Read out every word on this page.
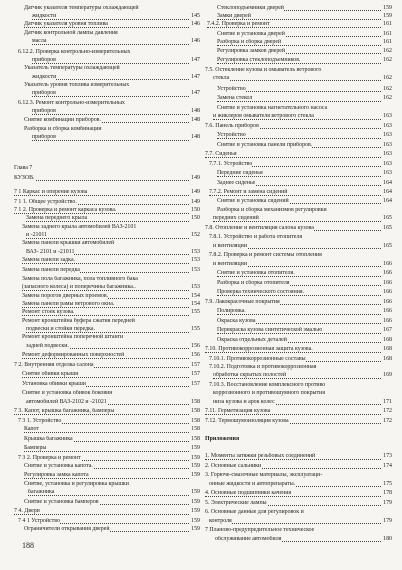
Датчик указателя температуры охлаждающей
жидкости	145
Датчик указателя уровня топлива	146
Датчик контрольной лампы давления
масла	146
6.12.2. Проверка контрольно-измерительных
приборов	147
Указатель температуры охлаждающей
жидкости	147
Указатель уровня топлива измерительных
приборов	147
6.12.3. Ремонт контрольно-измерительных
приборов	148
Снятие комбинации приборов.	148
Разборка и сборка комбинации
приборов	148
Глава 7
КУЗОВ.	149
7 1 Каркас и оперение кузова	149
7 1 1. Общее устройство.	149
7 1 2. Проверка и ремонт каркаса кузова.	150
Замена переднего крыла	150
Замена заднего крыла автомобилей ВАЗ-2101
и -21011	152
Замена панели крышки автомобилей
ВАЗ- 2101 и -21011	153
Замена панели задка.	153
Замена панели передка	153
Замена пола багажника, пола топливного бака
(запасного колеса) и поперечины багажника..	153
Замена порогов дверных проемов.	154
Замена панели рамы ветрового окна.	154
Ремонт стоек кузова.	155
Ремонт кронштейна буфера сжатия передней
подвески и стойки передка.	155
Ремонт кронштейна поперечной штанги
задней подвески.	156
Ремонт деформированных поверхностей	156
7 2. Внутренняя отделка салона	157
Снятие обивки крыши	157
Установка обивки крыши	157
Снятие и установка обивок боковин
автомобилей ВАЗ-2102 и -21021	158
7 3. Капот, крышка багажника, бамперы	158
7 3 1. Устройство	158
Капот	158
Крышка багажника	158
Бамперы	159
7 3 2. Проверка и ремонт	159
Снятие и установка капота.	159
Регулировка замка капота	159
Снятие, установка и регулировка крышки
багажника	159
Снятие и установка бамперов	159
7 4. Двери	159
7 4 1 Устройство	159
Ограничители открывания дверей	159
Стеклоподъемники дверей	159
Замки дверей	159
7.4.2. Проверка и ремонт	161
Снятие и установка дверей	161
Разборка и сборка дверей	161
Регулировка замков дверей	162
Регулировка стеклоподъемников.	162
7.5. Остекление кузова и омыватель ветрового
стекла	162
Устройство	162
Замена стекол	162
Снятие и установка нагнетательного насоса
и жиклеров омывателя ветрового стекла	163
7.6. Панель приборов	163
Устройство	163
Снятие и установка панели приборов.	163
7.7. Сиденья	163
7.7.1. Устройство	163
Передние сиденья	163
Заднее сиденье	164
7.7.2. Ремонт и замена сидений	164
Снятие и установка сидений	164
Разборка и сборка механизмов регулировки
передних сидений	165
7.8. Отопление и вентиляция салона кузова	165
7.8.1. Устройство и работа отопителя
и вентиляции	165
7.8.2. Проверка и ремонт системы отопления
и вентиляции	166
Снятие и установка отопителя.	166
Разборка и сборка отопителя	166
Проверка технического состояния.	166
7.9. Лакокрасочные покрытия	166
Полировка.	166
Окраска кузова	166
Перекраска кузова синтетической эмалью	167
Окраска отдельных деталей	168
7.10. Противокоррозионная защита кузова.	168
7.10.1. Противокоррозионные составы	168
7.10.2. Подготовка и противокоррозионная
обработка скрытых полостей	169
7.10.3. Восстановление комплексного противо
коррозионного и противошумного покрытия
низа кузова и арок колес	171
7.11. Герметизация кузова	172
7.12. Термошумоизоляция кузова	172
Приложения
1. Моменты затяжки резьбовых соединений	173
2. Основные сальники	174
3. Горюче-смазочные материалы, эксплуатаци-
онные жидкости и автопрепараты.	175
4. Основные подшипники качения	178
5. Электрические лампы	179
6. Основные данные для регулировок и
контроля	179
7 Планово-предупредительное техническое
обслуживание автомобиля	180
188
